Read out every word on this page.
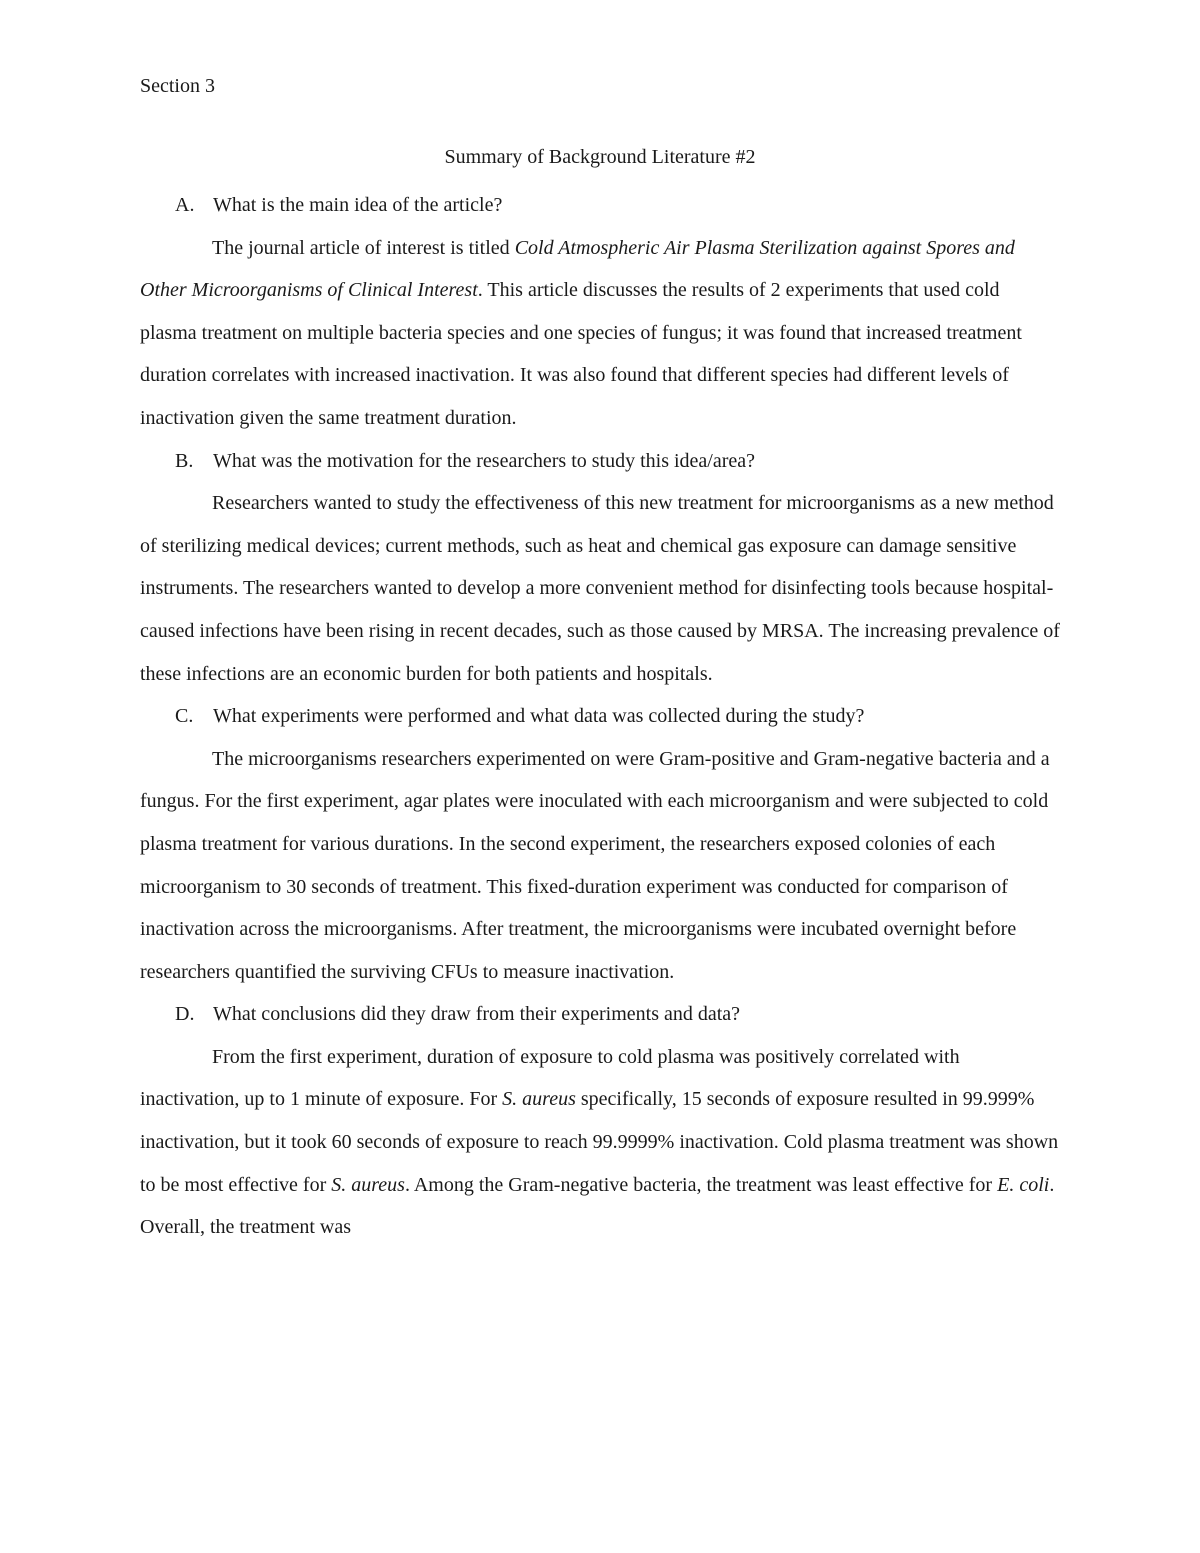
Section 3
Summary of Background Literature #2
A. What is the main idea of the article?
The journal article of interest is titled Cold Atmospheric Air Plasma Sterilization against Spores and Other Microorganisms of Clinical Interest. This article discusses the results of 2 experiments that used cold plasma treatment on multiple bacteria species and one species of fungus; it was found that increased treatment duration correlates with increased inactivation. It was also found that different species had different levels of inactivation given the same treatment duration.
B. What was the motivation for the researchers to study this idea/area?
Researchers wanted to study the effectiveness of this new treatment for microorganisms as a new method of sterilizing medical devices; current methods, such as heat and chemical gas exposure can damage sensitive instruments. The researchers wanted to develop a more convenient method for disinfecting tools because hospital-caused infections have been rising in recent decades, such as those caused by MRSA. The increasing prevalence of these infections are an economic burden for both patients and hospitals.
C. What experiments were performed and what data was collected during the study?
The microorganisms researchers experimented on were Gram-positive and Gram-negative bacteria and a fungus. For the first experiment, agar plates were inoculated with each microorganism and were subjected to cold plasma treatment for various durations. In the second experiment, the researchers exposed colonies of each microorganism to 30 seconds of treatment. This fixed-duration experiment was conducted for comparison of inactivation across the microorganisms. After treatment, the microorganisms were incubated overnight before researchers quantified the surviving CFUs to measure inactivation.
D. What conclusions did they draw from their experiments and data?
From the first experiment, duration of exposure to cold plasma was positively correlated with inactivation, up to 1 minute of exposure. For S. aureus specifically, 15 seconds of exposure resulted in 99.999% inactivation, but it took 60 seconds of exposure to reach 99.9999% inactivation. Cold plasma treatment was shown to be most effective for S. aureus. Among the Gram-negative bacteria, the treatment was least effective for E. coli. Overall, the treatment was
